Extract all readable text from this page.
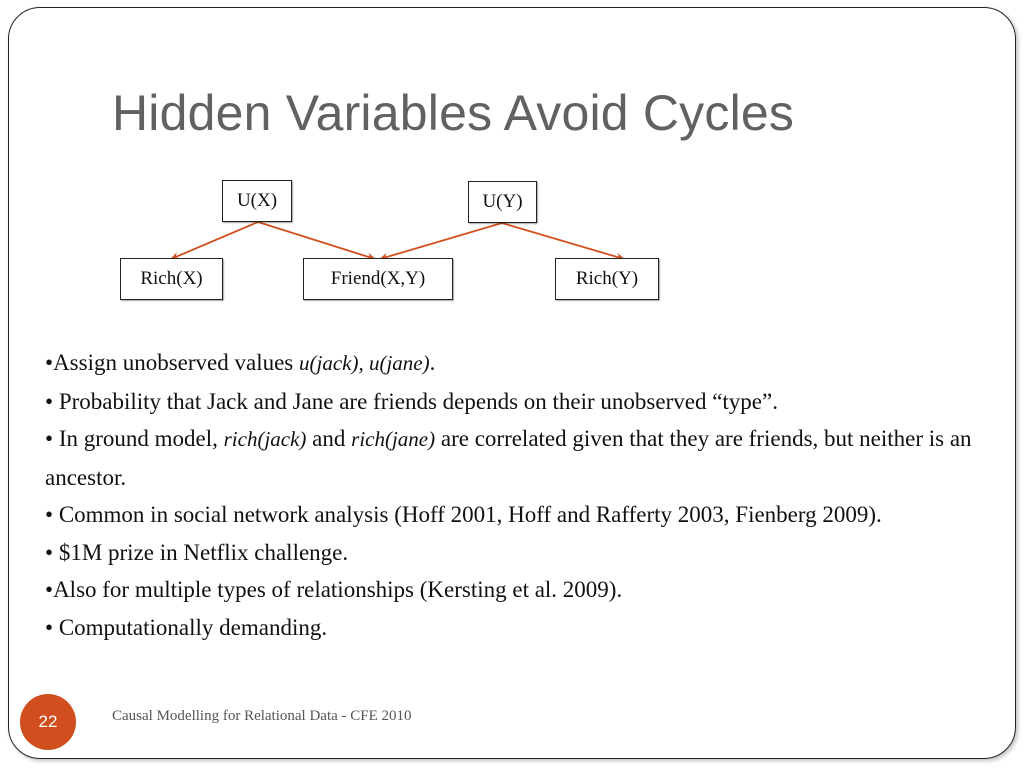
Hidden Variables Avoid Cycles
U(X)	U(Y)
Rich(X)	Friend(X,Y)	Rich(Y)

•Assign unobserved values u(jack), u(jane).

• Probability that Jack and Jane are friends depends on their unobserved “type”.

• In ground model, rich(jack) and rich(jane) are correlated given that they are friends, but neither is an ancestor.

• Common in social network analysis (Hoff 2001, Hoff and Rafferty 2003, Fienberg 2009).

• $1M prize in Netflix challenge.

•Also for multiple types of relationships (Kersting et al. 2009).

• Computationally demanding.

22	Causal Modelling for Relational Data - CFE 2010
